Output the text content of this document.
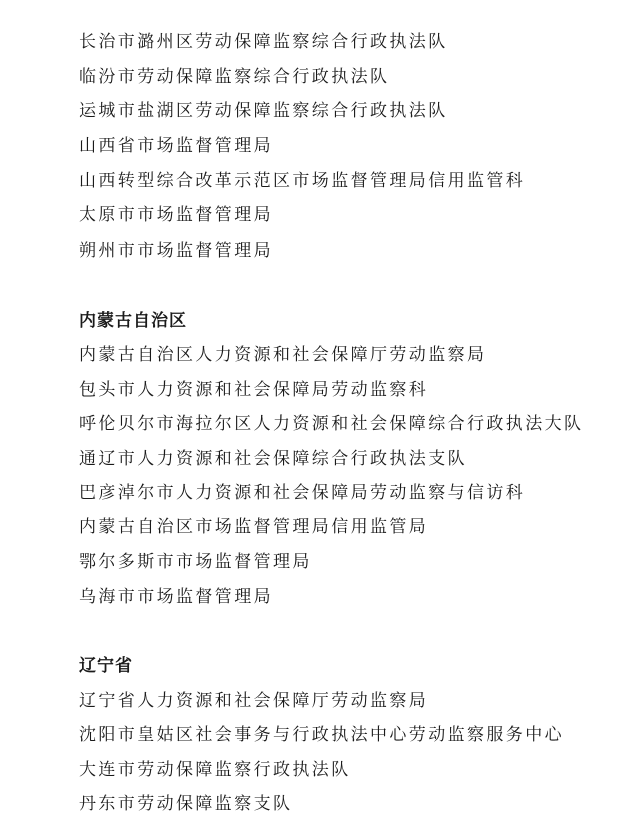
长治市潞州区劳动保障监察综合行政执法队
临汾市劳动保障监察综合行政执法队
运城市盐湖区劳动保障监察综合行政执法队
山西省市场监督管理局
山西转型综合改革示范区市场监督管理局信用监管科
太原市市场监督管理局
朔州市市场监督管理局
内蒙古自治区
内蒙古自治区人力资源和社会保障厅劳动监察局
包头市人力资源和社会保障局劳动监察科
呼伦贝尔市海拉尔区人力资源和社会保障综合行政执法大队
通辽市人力资源和社会保障综合行政执法支队
巴彦淖尔市人力资源和社会保障局劳动监察与信访科
内蒙古自治区市场监督管理局信用监管局
鄂尔多斯市市场监督管理局
乌海市市场监督管理局
辽宁省
辽宁省人力资源和社会保障厅劳动监察局
沈阳市皇姑区社会事务与行政执法中心劳动监察服务中心
大连市劳动保障监察行政执法队
丹东市劳动保障监察支队
